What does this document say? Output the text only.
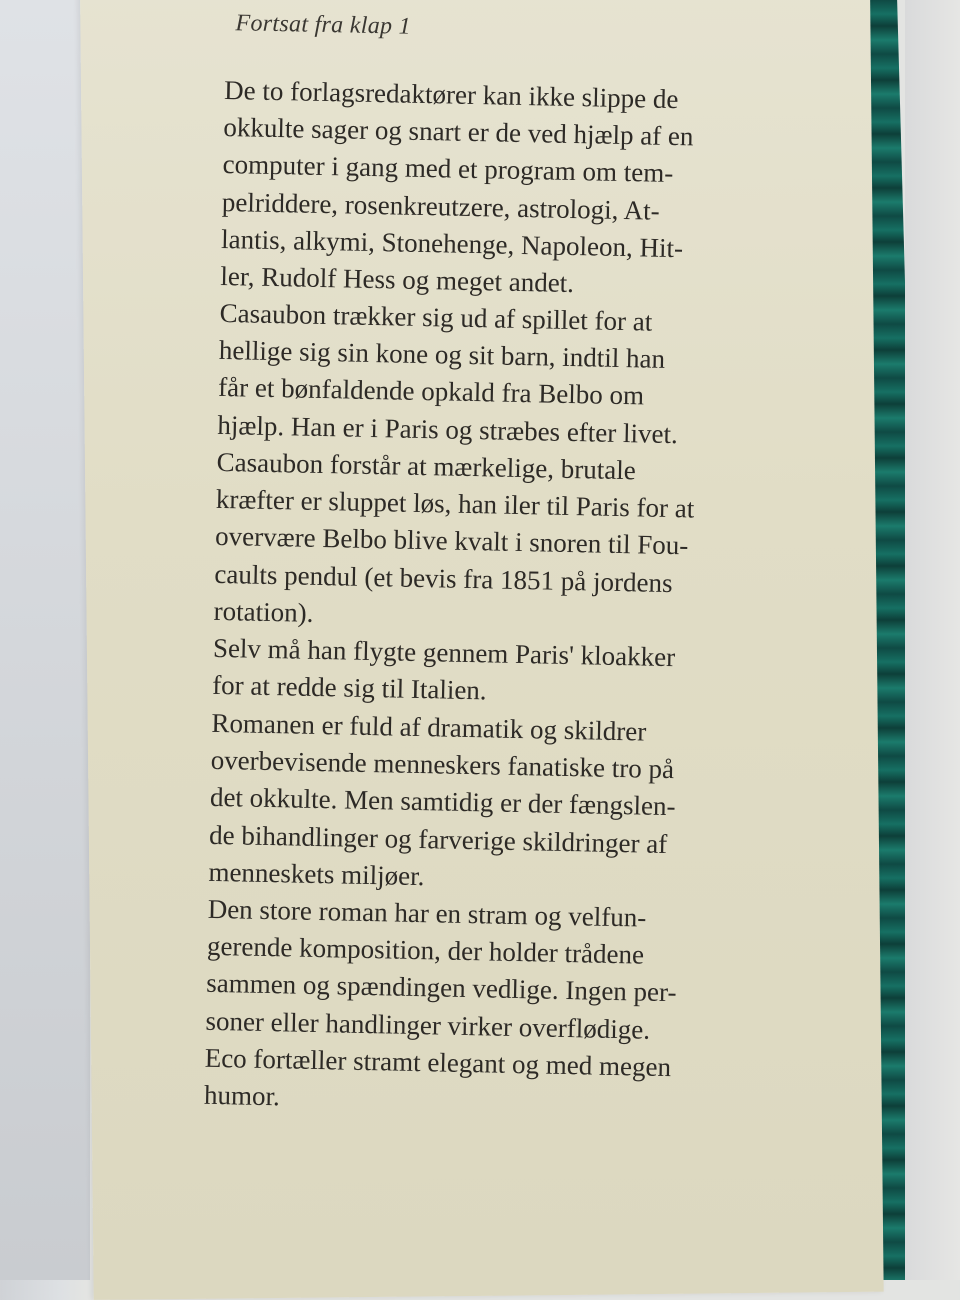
Fortsat fra klap 1

De to forlagsredaktører kan ikke slippe de
okkulte sager og snart er de ved hjælp af en
computer i gang med et program om tem-
pelriddere, rosenkreutzere, astrologi, At-
lantis, alkymi, Stonehenge, Napoleon, Hit-
ler, Rudolf Hess og meget andet.

Casaubon trækker sig ud af spillet for at
hellige sig sin kone og sit barn, indtil han
får et bønfaldende opkald fra Belbo om
hjælp. Han er i Paris og stræbes efter livet.

Casaubon forstår at mærkelige, brutale
kræfter er sluppet løs, han iler til Paris for at
overvære Belbo blive kvalt i snoren til Fou-
caults pendul (et bevis fra 1851 på jordens
rotation).

Selv må han flygte gennem Paris' kloakker
for at redde sig til Italien.

Romanen er fuld af dramatik og skildrer
overbevisende menneskers fanatiske tro på
det okkulte. Men samtidig er der fængslen-
de bihandlinger og farverige skildringer af
menneskets miljøer.

Den store roman har en stram og velfun-
gerende komposition, der holder trådene
sammen og spændingen vedlige. Ingen per-
soner eller handlinger virker overflødige.
Eco fortæller stramt elegant og med megen
humor.
